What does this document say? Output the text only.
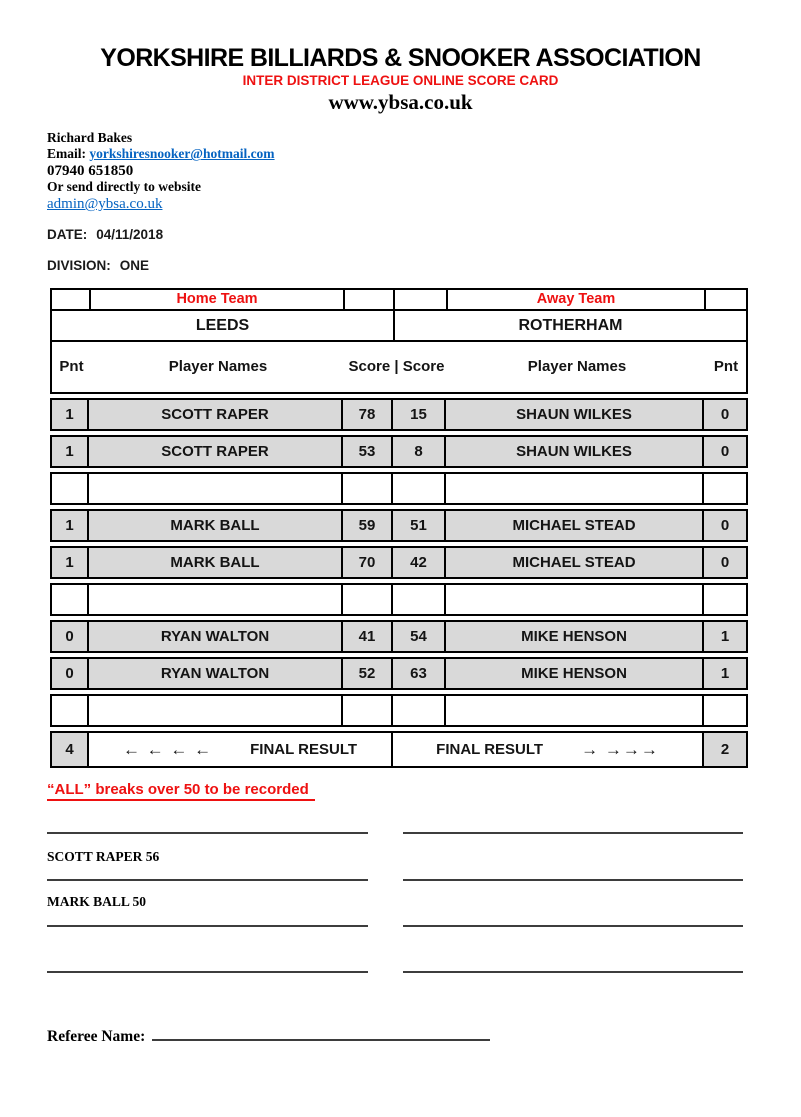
YORKSHIRE BILLIARDS & SNOOKER ASSOCIATION
INTER DISTRICT LEAGUE ONLINE SCORE CARD
www.ybsa.co.uk
Richard Bakes
Email: yorkshiresnooker@hotmail.com
07940 651850
Or send directly to website
admin@ybsa.co.uk
DATE: 04/11/2018
DIVISION: ONE
Home Team	Away Team
LEEDS	ROTHERHAM
Pnt	Player Names	Score | Score	Player Names	Pnt
1	SCOTT RAPER	78	15	SHAUN WILKES	0
1	SCOTT RAPER	53	8	SHAUN WILKES	0
1	MARK BALL	59	51	MICHAEL STEAD	0
1	MARK BALL	70	42	MICHAEL STEAD	0
0	RYAN WALTON	41	54	MIKE HENSON	1
0	RYAN WALTON	52	63	MIKE HENSON	1
4	← ← ← ←	FINAL RESULT	FINAL RESULT → →→→	2
“ALL” breaks over 50 to be recorded
SCOTT RAPER 56
MARK BALL 50
Referee Name:
